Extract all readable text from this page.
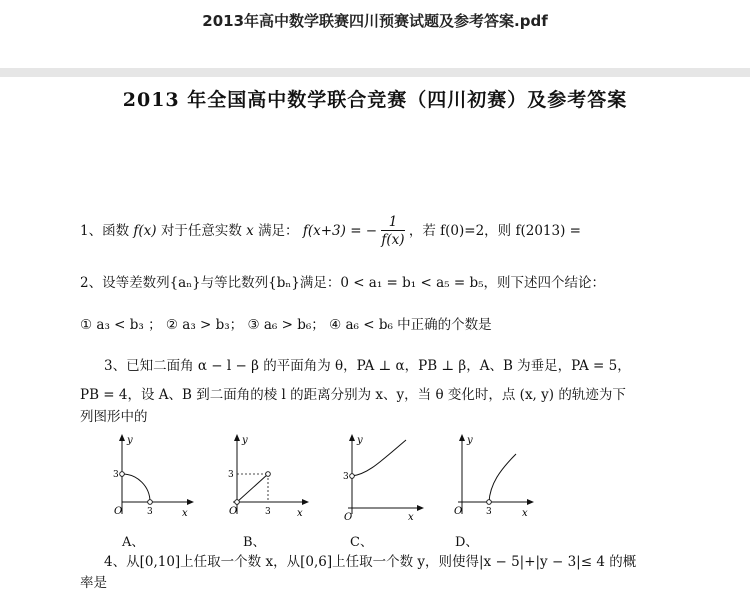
2013年高中数学联赛四川预赛试题及参考答案.pdf
2013 年全国高中数学联合竞赛（四川初赛）及参考答案
1、函数 f(x) 对于任意实数 x 满足： f(x+3) = − $\frac{1}{f(x)}$ ，若 f(0)=2，则 f(2013) =
2、设等差数列{aₙ}与等比数列{bₙ}满足：0 < a₁ = b₁ < a₅ = b₅，则下述四个结论：
① a₃ < b₃ ； ② a₃ > b₃； ③ a₆ > b₆； ④ a₆ < b₆ 中正确的个数是
3、已知二面角 α − l − β 的平面角为 θ，PA ⊥ α，PB ⊥ β，A、B 为垂足，PA = 5，
PB = 4，设 A、B 到二面角的棱 l 的距离分别为 x、y，当 θ 变化时，点 (x, y) 的轨迹为下
列图形中的
y
x
O
3
3
y
x
O
3
3
y
x
O
3
y
x
O	3
A、	B、	C、	D、
4、从[0,10]上任取一个数 x，从[0,6]上任取一个数 y，则使得|x − 5|+|y − 3|≤ 4 的概
率是
